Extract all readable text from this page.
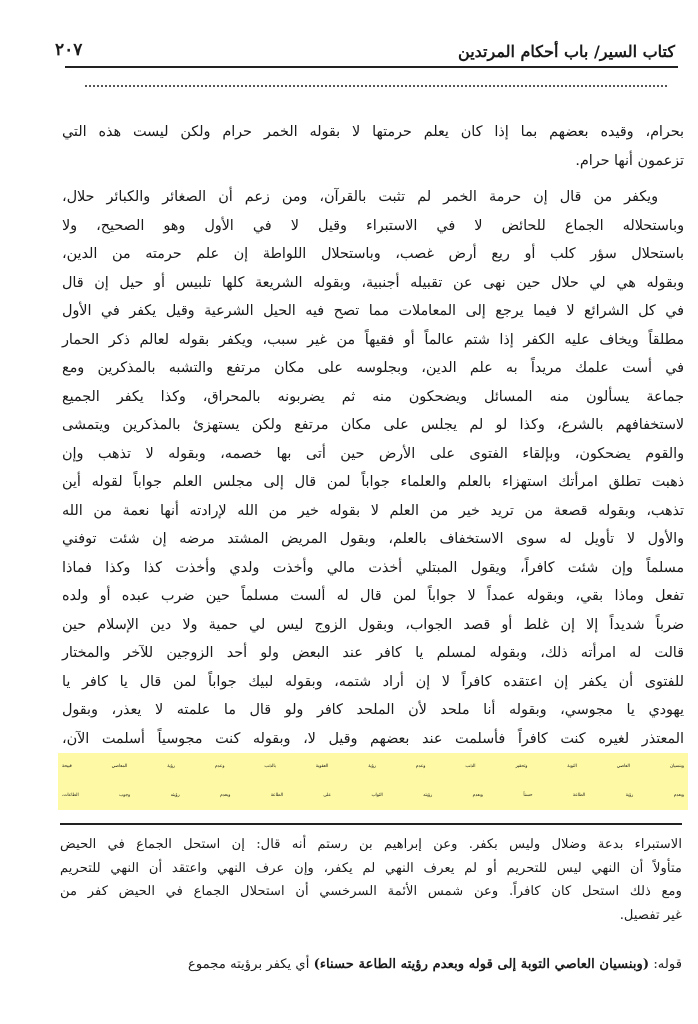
كتاب السير/ باب أحكام المرتدين
٢٠٧

بحرام، وقيده بعضهم بما إذا كان يعلم حرمتها لا بقوله الخمر حرام ولكن ليست هذه التي
تزعمون أنها حرام.

ويكفر من قال إن حرمة الخمر لم تثبت بالقرآن، ومن زعم أن الصغائر والكبائر حلال،
وباستحلاله الجماع للحائض لا في الاستبراء وقيل لا في الأول وهو الصحيح، ولا
باستحلال سؤر كلب أو ريع أرض غصب، وباستحلال اللواطة إن علم حرمته من الدين،
وبقوله هي لي حلال حين نهى عن تقبيله أجنبية، وبقوله الشريعة كلها تلبيس أو حيل إن قال
في كل الشرائع لا فيما يرجع إلى المعاملات مما تصح فيه الحيل الشرعية وقيل يكفر في الأول
مطلقاً ويخاف عليه الكفر إذا شتم عالماً أو فقيهاً من غير سبب، ويكفر بقوله لعالم ذكر الحمار
في أست علمك مريداً به علم الدين، وبجلوسه على مكان مرتفع والتشبه بالمذكرين ومع
جماعة يسألون منه المسائل ويضحكون منه ثم يضربونه بالمحراق، وكذا يكفر الجميع
لاستخفافهم بالشرع، وكذا لو لم يجلس على مكان مرتفع ولكن يستهزئ بالمذكرين ويتمشى
والقوم يضحكون، وبإلقاء الفتوى على الأرض حين أتى بها خصمه، وبقوله لا تذهب وإن
ذهبت تطلق امرأتك استهزاء بالعلم والعلماء جواباً لمن قال إلى مجلس العلم جواباً لقوله أين
تذهب، وبقوله قصعة من تريد خير من العلم لا بقوله خير من الله لإرادته أنها نعمة من الله
والأول لا تأويل له سوى الاستخفاف بالعلم، وبقول المريض المشتد مرضه إن شئت توفني
مسلماً وإن شئت كافراً، ويقول المبتلي أخذت مالي وأخذت ولدي وأخذت كذا وكذا فماذا
تفعل وماذا بقي، وبقوله عمداً لا جواباً لمن قال له ألست مسلماً حين ضرب عبده أو ولده
ضرباً شديداً إلا إن غلط أو قصد الجواب، وبقول الزوج ليس لي حمية ولا دين الإسلام حين
قالت له امرأته ذلك، وبقوله لمسلم يا كافر عند البعض ولو أحد الزوجين للآخر والمختار
للفتوى أن يكفر إن اعتقده كافراً لا إن أراد شتمه، وبقوله لبيك جواباً لمن قال يا كافر يا
يهودي يا مجوسي، وبقوله أنا ملحد لأن الملحد كافر ولو قال ما علمته لا يعذر، وبقول
المعتذر لغيره كنت كافراً فأسلمت عند بعضهم وقيل لا، وبقوله كنت مجوسياً أسلمت الآن،

وبنسيان العاصي التوبة وتحقير الذنب وعدم رؤية العقوبة بالذنب وعدم رؤية المعاصي قبيحة
وبعدم رؤية الطاعة حسناً وبعدم رؤيته الثواب على الطاعة وبعدم رؤيته وجوب الطاعات،

الاستبراء بدعة وضلال وليس بكفر. وعن إبراهيم بن رستم أنه قال: إن استحل الجماع في الحيض
متأولاً أن النهي ليس للتحريم أو لم يعرف النهي لم يكفر، وإن عرف النهي واعتقد أن النهي للتحريم
ومع ذلك استحل كان كافراً. وعن شمس الأئمة السرخسي أن استحلال الجماع في الحيض كفر من
غير تفصيل.
قوله: (وبنسيان العاصي التوبة إلى قوله وبعدم رؤيته الطاعة حسناء) أي يكفر برؤيته مجموع
